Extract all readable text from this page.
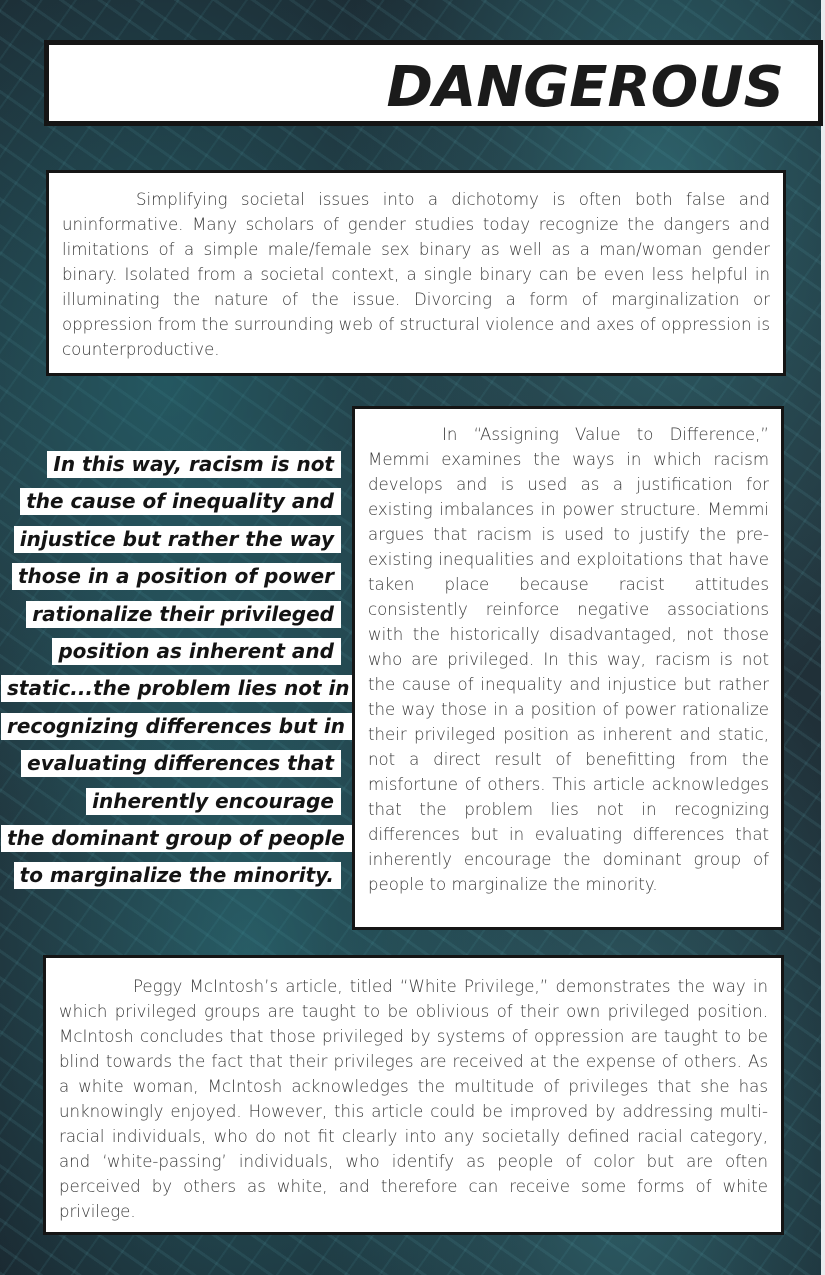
DANGEROUS

Simplifying societal issues into a dichotomy is often both false and uninformative. Many scholars of gender studies today recognize the dangers and limitations of a simple male/female sex binary as well as a man/woman gender binary. Isolated from a societal context, a single binary can be even less helpful in illuminating the nature of the issue. Divorcing a form of marginalization or oppression from the surrounding web of structural violence and axes of oppression is counterproductive.

In this way, racism is not
the cause of inequality and
injustice but rather the way
those in a position of power
rationalize their privileged
position as inherent and
static...the problem lies not in
recognizing differences but in
evaluating differences that
inherently encourage
the dominant group of people
to marginalize the minority.

In “Assigning Value to Difference,” Memmi examines the ways in which racism develops and is used as a justification for existing imbalances in power structure. Memmi argues that racism is used to justify the pre-existing inequalities and exploitations that have taken place because racist attitudes consistently reinforce negative associations with the historically disadvantaged, not those who are privileged. In this way, racism is not the cause of inequality and injustice but rather the way those in a position of power rationalize their privileged position as inherent and static, not a direct result of benefitting from the misfortune of others. This article acknowledges that the problem lies not in recognizing differences but in evaluating differences that inherently encourage the dominant group of people to marginalize the minority.

Peggy McIntosh’s article, titled “White Privilege,” demonstrates the way in which privileged groups are taught to be oblivious of their own privileged position. McIntosh concludes that those privileged by systems of oppression are taught to be blind towards the fact that their privileges are received at the expense of others. As a white woman, McIntosh acknowledges the multitude of privileges that she has unknowingly enjoyed. However, this article could be improved by addressing multi-racial individuals, who do not fit clearly into any societally defined racial category, and ‘white-passing’ individuals, who identify as people of color but are often perceived by others as white, and therefore can receive some forms of white privilege.
